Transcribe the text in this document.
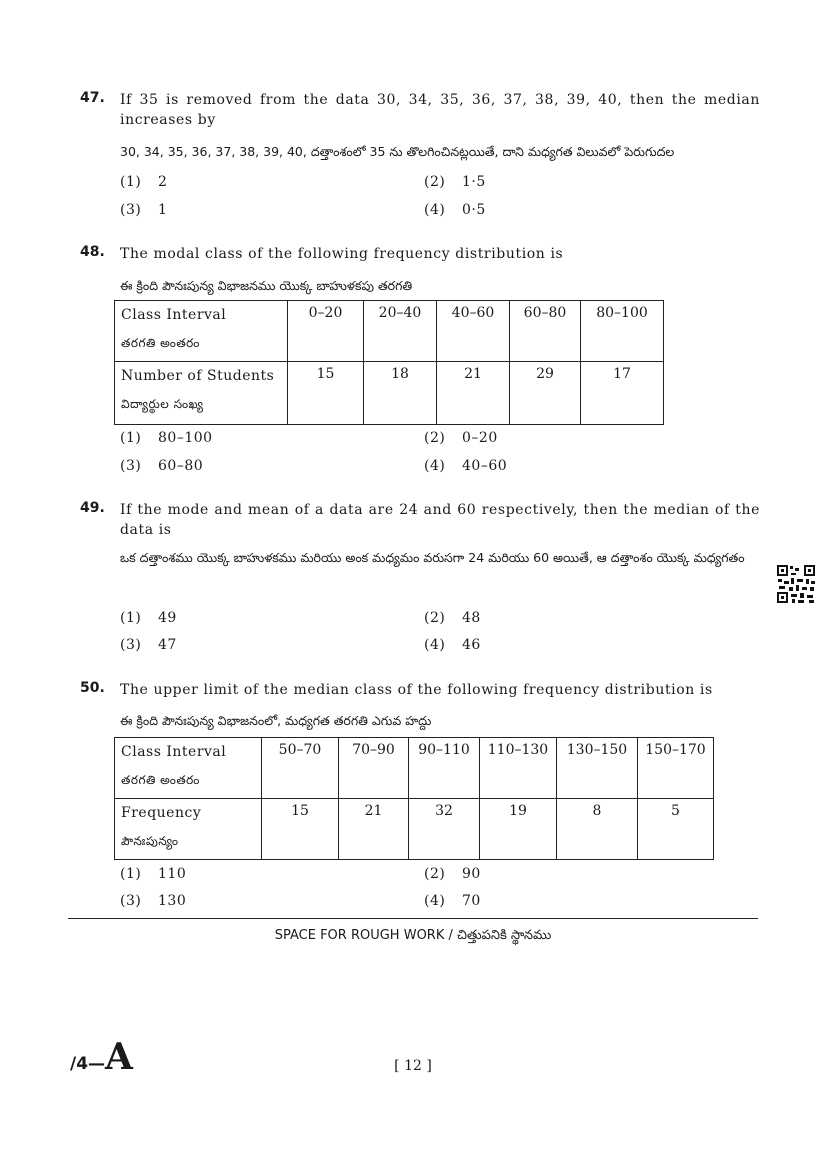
47. If 35 is removed from the data 30, 34, 35, 36, 37, 38, 39, 40, then the median increases by
30, 34, 35, 36, 37, 38, 39, 40, దత్తాంశంలో 35 ను తొలగించినట్లయితే, దాని మధ్యగత విలువలో పెరుగుదల
(1) 2	(2) 1·5
(3) 1	(4) 0·5
48. The modal class of the following frequency distribution is
ఈ క్రింది పౌనఃపున్య విభాజనము యొక్క బాహుళకపు తరగతి
Class Interval
తరగతి అంతరం	0–20	20–40	40–60	60–80	80–100

Number of Students
విద్యార్థుల సంఖ్య	15	18	21	29	17
(1) 80–100	(2) 0–20
(3) 60–80	(4) 40–60
49. If the mode and mean of a data are 24 and 60 respectively, then the median of the data is
ఒక దత్తాంశము యొక్క బాహుళకము మరియు అంక మధ్యమం వరుసగా 24 మరియు 60 అయితే, ఆ దత్తాంశం యొక్క మధ్యగతం
(1) 49	(2) 48
(3) 47	(4) 46
50. The upper limit of the median class of the following frequency distribution is
ఈ క్రింది పౌనఃపున్య విభాజనంలో, మధ్యగత తరగతి ఎగువ హద్దు
Class Interval
తరగతి అంతరం	50–70	70–90	90–110	110–130	130–150	150–170

Frequency
పౌనఃపున్యం	15	21	32	19	8	5
(1) 110	(2) 90
(3) 130	(4) 70
SPACE FOR ROUGH WORK / చిత్తుపనికి స్థానము
/4—A	[ 12 ]
